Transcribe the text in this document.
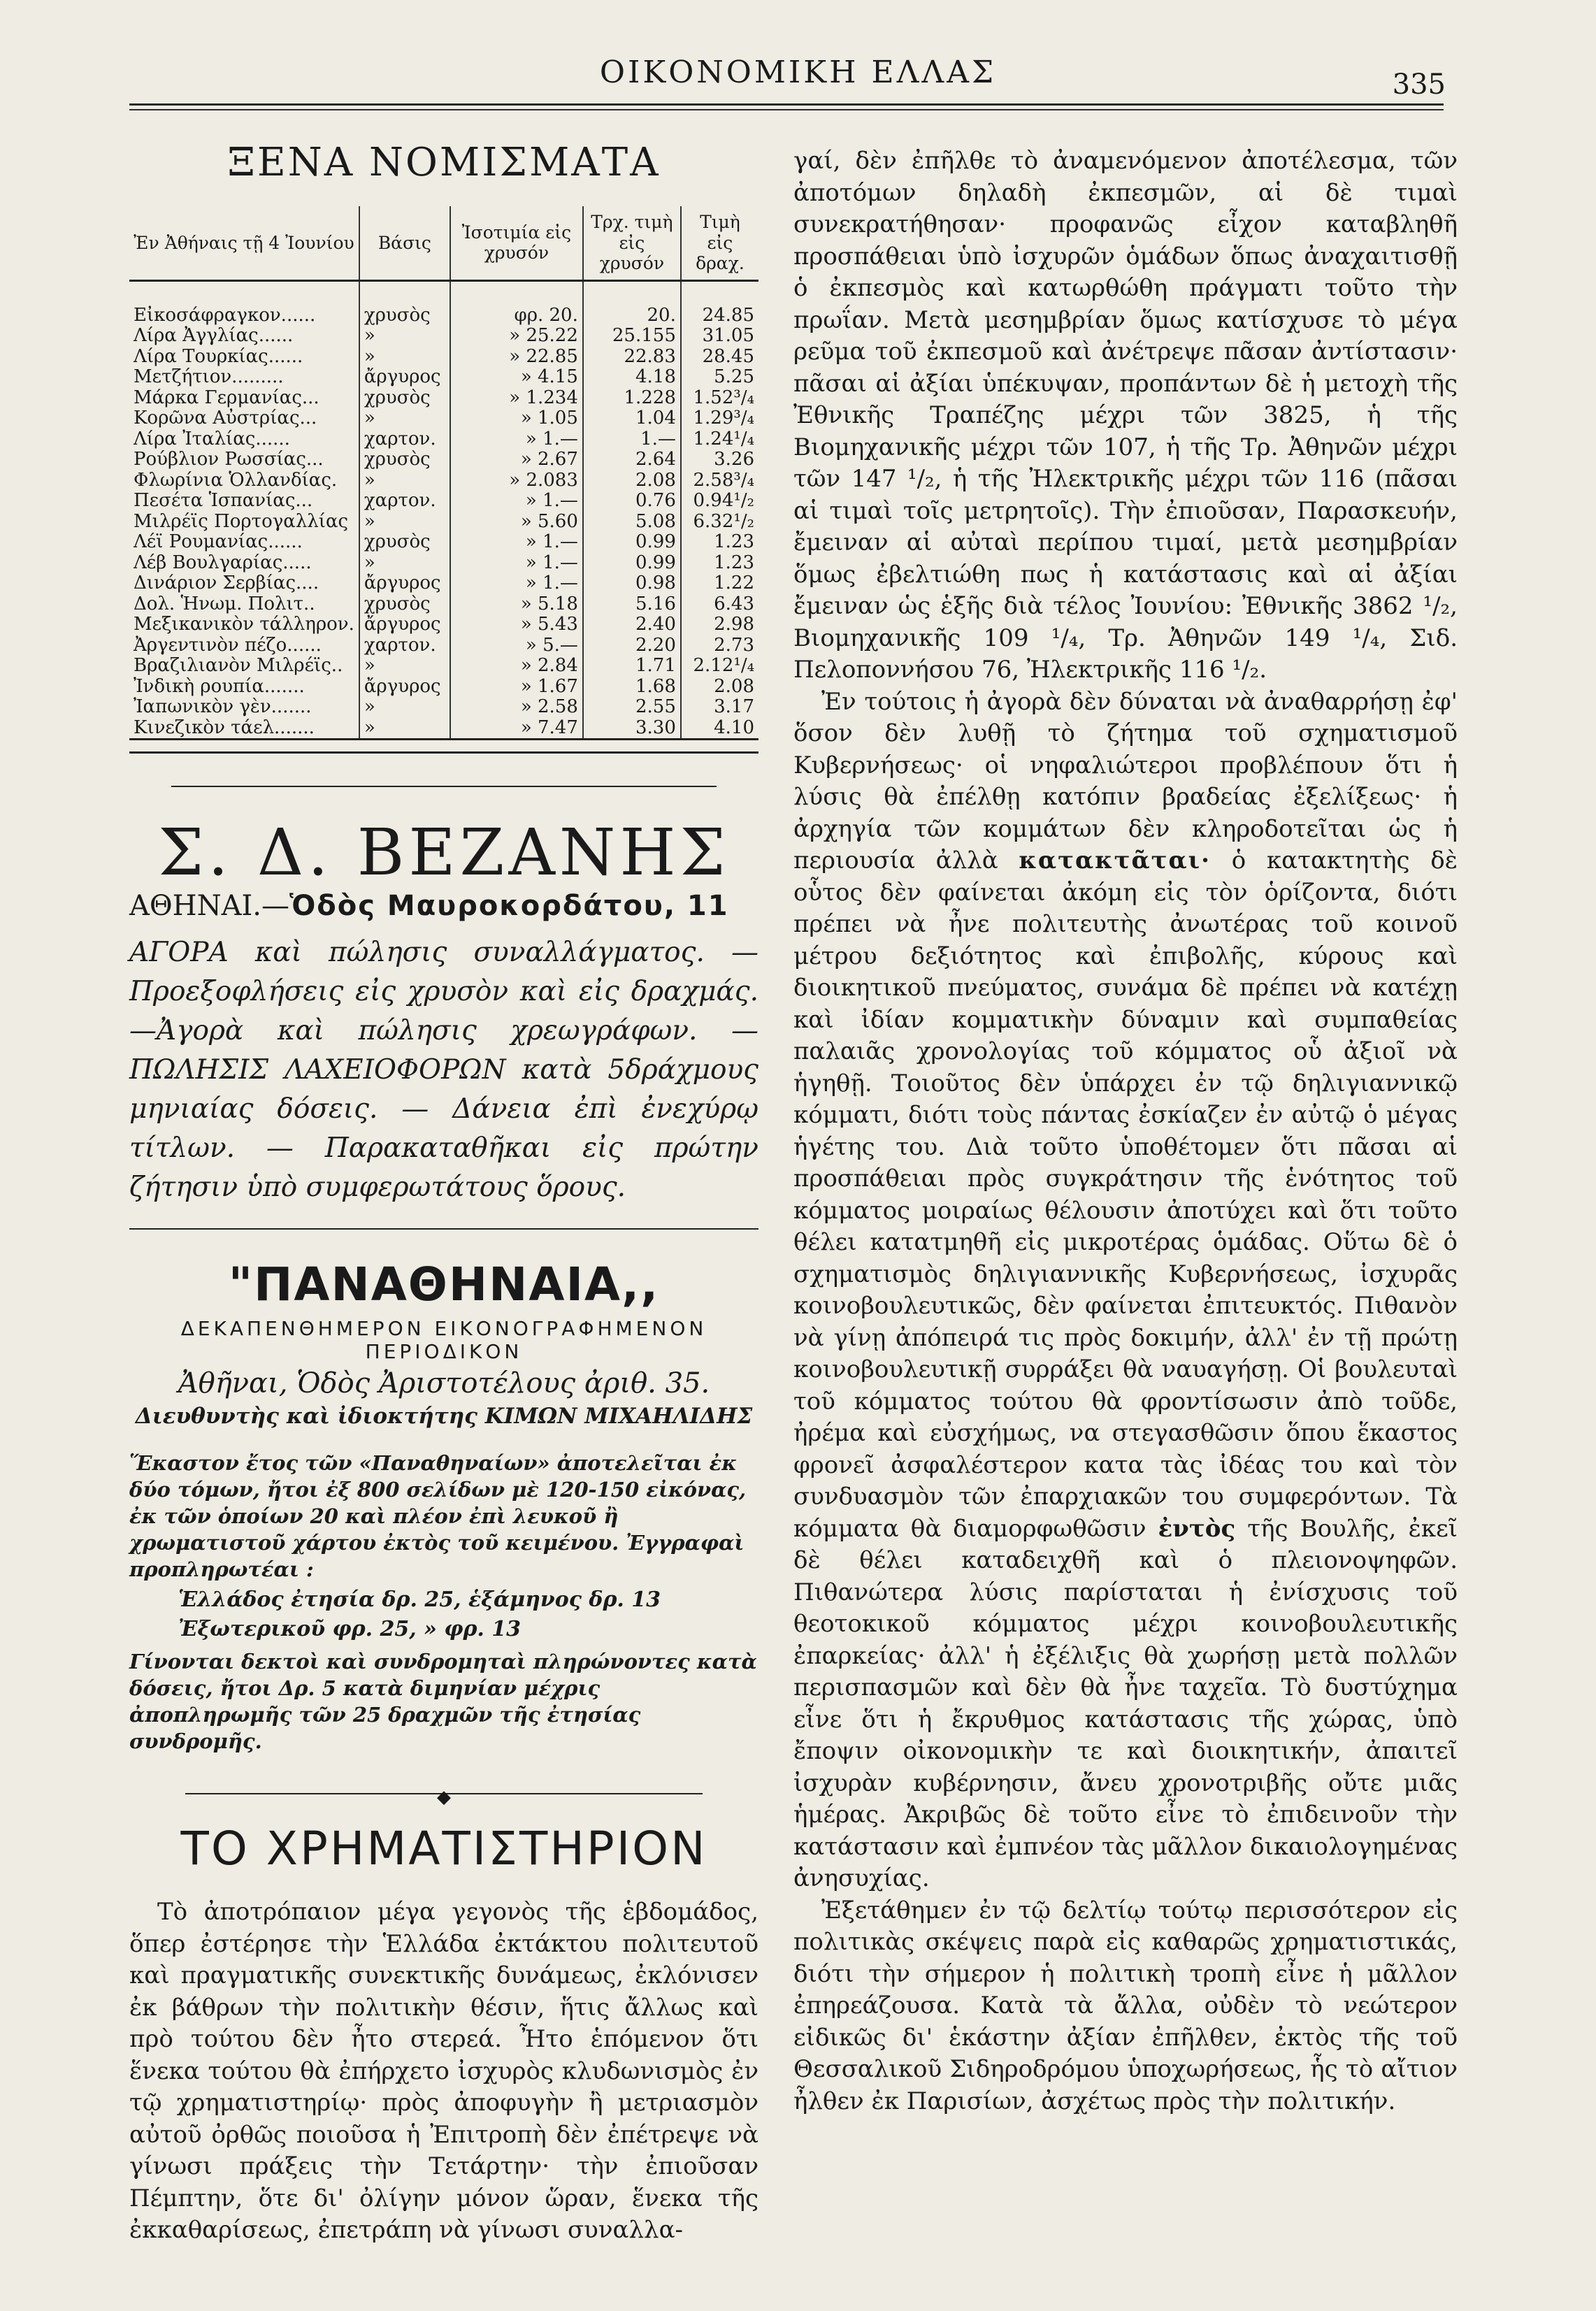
ΟΙΚΟΝΟΜΙΚΗ ΕΛΛΑΣ	335
ΞΕΝΑ ΝΟΜΙΣΜΑΤΑ
Ἐν Ἀθήναις τῇ 4 Ἰουνίου	Βάσις	Ἰσοτιμία εἰς χρυσόν	Τρχ. τιμὴ εἰς χρυσόν	Τιμὴ εἰς δραχ.

Εἰκοσάφραγκον......	χρυσὸς	φρ. 20.	20.	24.85
Λίρα Ἀγγλίας......	»	» 25.22	25.155	31.05
Λίρα Τουρκίας......	»	» 22.85	22.83	28.45
Μετζήτιον.........	ἄργυρος	» 4.15	4.18	5.25
Μάρκα Γερμανίας...	χρυσὸς	» 1.234	1.228	1.52³/₄
Κορῶνα Αὐστρίας...	»	» 1.05	1.04	1.29³/₄
Λίρα Ἰταλίας......	χαρτον.	» 1.—	1.—	1.24¹/₄
Ρούβλιον Ρωσσίας...	χρυσὸς	» 2.67	2.64	3.26
Φλωρίνια Ὁλλανδίας.	»	» 2.083	2.08	2.58³/₄
Πεσέτα Ἱσπανίας...	χαρτον.	» 1.—	0.76	0.94¹/₂
Μιλρέϊς Πορτογαλλίας	»	» 5.60	5.08	6.32¹/₂
Λέϊ Ρουμανίας......	χρυσὸς	» 1.—	0.99	1.23
Λέβ Βουλγαρίας.....	»	» 1.—	0.99	1.23
Δινάριον Σερβίας....	ἄργυρος	» 1.—	0.98	1.22
Δολ. Ἡνωμ. Πολιτ..	χρυσὸς	» 5.18	5.16	6.43
Μεξικανικὸν τάλληρον.	ἄργυρος	» 5.43	2.40	2.98
Ἀργεντινὸν πέζο......	χαρτον.	» 5.—	2.20	2.73
Βραζιλιανὸν Μιλρέϊς..	»	» 2.84	1.71	2.12¹/₄
Ἰνδικὴ ρουπία.......	ἄργυρος	» 1.67	1.68	2.08
Ἰαπωνικὸν γὲν.......	»	» 2.58	2.55	3.17
Κινεζικὸν τάελ.......	»	» 7.47	3.30	4.10

Σ. Δ. ΒΕΖΑΝΗΣ
ΑΘΗΝΑΙ.—Ὁδὸς Μαυροκορδάτου, 11
ΑΓΟΡΑ καὶ πώλησις συναλλάγματος. — Προεξοφλήσεις εἰς χρυσὸν καὶ εἰς δραχμάς.—Ἀγορὰ καὶ πώλησις χρεωγράφων. — ΠΩΛΗΣΙΣ ΛΑΧΕΙΟΦΟΡΩΝ κατὰ 5δράχμους μηνιαίας δόσεις. — Δάνεια ἐπὶ ἐνεχύρῳ τίτλων. — Παρακαταθῆκαι εἰς πρώτην ζήτησιν ὑπὸ συμφερωτάτους ὅρους.
"ΠΑΝΑΘΗΝΑΙΑ,,
ΔΕΚΑΠΕΝΘΗΜΕΡΟΝ ΕΙΚΟΝΟΓΡΑΦΗΜΕΝΟΝ ΠΕΡΙΟΔΙΚΟΝ
Ἀθῆναι, Ὁδὸς Ἀριστοτέλους ἀριθ. 35.
Διευθυντὴς καὶ ἰδιοκτήτης ΚΙΜΩΝ ΜΙΧΑΗΛΙΔΗΣ

Ἕκαστον ἔτος τῶν «Παναθηναίων» ἀποτελεῖται ἐκ δύο τόμων, ἤτοι ἐξ 800 σελίδων μὲ 120-150 εἰκόνας, ἐκ τῶν ὁποίων 20 καὶ πλέον ἐπὶ λευκοῦ ἢ χρωματιστοῦ χάρτου ἐκτὸς τοῦ κειμένου. Ἐγγραφαὶ προπληρωτέαι :

Ἑλλάδος ἐτησία δρ. 25, ἑξάμηνος δρ. 13
Ἐξωτερικοῦ φρ. 25, » φρ. 13

Γίνονται δεκτοὶ καὶ συνδρομηταὶ πληρώνοντες κατὰ δόσεις, ἤτοι Δρ. 5 κατὰ διμηνίαν μέχρις ἀποπληρωμῆς τῶν 25 δραχμῶν τῆς ἐτησίας συνδρομῆς.

◆
ΤΟ ΧΡΗΜΑΤΙΣΤΗΡΙΟΝ

Τὸ ἀποτρόπαιον μέγα γεγονὸς τῆς ἑβδομάδος, ὅπερ ἐστέρησε τὴν Ἑλλάδα ἐκτάκτου πολιτευτοῦ καὶ πραγματικῆς συνεκτικῆς δυνάμεως, ἐκλόνισεν ἐκ βάθρων τὴν πολιτικὴν θέσιν, ἥτις ἄλλως καὶ πρὸ τούτου δὲν ἦτο στερεά. Ἦτο ἑπόμενον ὅτι ἕνεκα τούτου θὰ ἐπήρχετο ἰσχυρὸς κλυδωνισμὸς ἐν τῷ χρηματιστηρίῳ· πρὸς ἀποφυγὴν ἢ μετριασμὸν αὐτοῦ ὀρθῶς ποιοῦσα ἡ Ἐπιτροπὴ δὲν ἐπέτρεψε νὰ γίνωσι πράξεις τὴν Τετάρτην· τὴν ἐπιοῦσαν Πέμπτην, ὅτε δι' ὀλίγην μόνον ὥραν, ἕνεκα τῆς ἐκκαθαρίσεως, ἐπετράπη νὰ γίνωσι συναλλα-

γαί, δὲν ἐπῆλθε τὸ ἀναμενόμενον ἀποτέλεσμα, τῶν ἀποτόμων δηλαδὴ ἐκπεσμῶν, αἱ δὲ τιμαὶ συνεκρατήθησαν· προφανῶς εἶχον καταβληθῆ προσπάθειαι ὑπὸ ἰσχυρῶν ὁμάδων ὅπως ἀναχαιτισθῇ ὁ ἐκπεσμὸς καὶ κατωρθώθη πράγματι τοῦτο τὴν πρωΐαν. Μετὰ μεσημβρίαν ὅμως κατίσχυσε τὸ μέγα ρεῦμα τοῦ ἐκπεσμοῦ καὶ ἀνέτρεψε πᾶσαν ἀντίστασιν· πᾶσαι αἱ ἀξίαι ὑπέκυψαν, προπάντων δὲ ἡ μετοχὴ τῆς Ἐθνικῆς Τραπέζης μέχρι τῶν 3825, ἡ τῆς Βιομηχανικῆς μέχρι τῶν 107, ἡ τῆς Τρ. Ἀθηνῶν μέχρι τῶν 147 ¹/₂, ἡ τῆς Ἠλεκτρικῆς μέχρι τῶν 116 (πᾶσαι αἱ τιμαὶ τοῖς μετρητοῖς). Τὴν ἐπιοῦσαν, Παρασκευήν, ἔμειναν αἱ αὐταὶ περίπου τιμαί, μετὰ μεσημβρίαν ὅμως ἐβελτιώθη πως ἡ κατάστασις καὶ αἱ ἀξίαι ἔμειναν ὡς ἑξῆς διὰ τέλος Ἰουνίου: Ἐθνικῆς 3862 ¹/₂, Βιομηχανικῆς 109 ¹/₄, Τρ. Ἀθηνῶν 149 ¹/₄, Σιδ. Πελοποννήσου 76, Ἠλεκτρικῆς 116 ¹/₂.

Ἐν τούτοις ἡ ἀγορὰ δὲν δύναται νὰ ἀναθαρρήσῃ ἐφ' ὅσον δὲν λυθῇ τὸ ζήτημα τοῦ σχηματισμοῦ Κυβερνήσεως· οἱ νηφαλιώτεροι προβλέπουν ὅτι ἡ λύσις θὰ ἐπέλθῃ κατόπιν βραδείας ἐξελίξεως· ἡ ἀρχηγία τῶν κομμάτων δὲν κληροδοτεῖται ὡς ἡ περιουσία ἀλλὰ κατακτᾶται· ὁ κατακτητὴς δὲ οὗτος δὲν φαίνεται ἀκόμη εἰς τὸν ὁρίζοντα, διότι πρέπει νὰ ἦνε πολιτευτὴς ἀνωτέρας τοῦ κοινοῦ μέτρου δεξιότητος καὶ ἐπιβολῆς, κύρους καὶ διοικητικοῦ πνεύματος, συνάμα δὲ πρέπει νὰ κατέχῃ καὶ ἰδίαν κομματικὴν δύναμιν καὶ συμπαθείας παλαιᾶς χρονολογίας τοῦ κόμματος οὗ ἀξιοῖ νὰ ἡγηθῇ. Τοιοῦτος δὲν ὑπάρχει ἐν τῷ δηλιγιαννικῷ κόμματι, διότι τοὺς πάντας ἐσκίαζεν ἐν αὐτῷ ὁ μέγας ἡγέτης του. Διὰ τοῦτο ὑποθέτομεν ὅτι πᾶσαι αἱ προσπάθειαι πρὸς συγκράτησιν τῆς ἑνότητος τοῦ κόμματος μοιραίως θέλουσιν ἀποτύχει καὶ ὅτι τοῦτο θέλει κατατμηθῆ εἰς μικροτέρας ὁμάδας. Οὕτω δὲ ὁ σχηματισμὸς δηλιγιαννικῆς Κυβερνήσεως, ἰσχυρᾶς κοινοβουλευτικῶς, δὲν φαίνεται ἐπιτευκτός. Πιθανὸν νὰ γίνῃ ἀπόπειρά τις πρὸς δοκιμήν, ἀλλ' ἐν τῇ πρώτῃ κοινοβουλευτικῇ συρράξει θὰ ναυαγήσῃ. Οἱ βουλευταὶ τοῦ κόμματος τούτου θὰ φροντίσωσιν ἀπὸ τοῦδε, ἠρέμα καὶ εὐσχήμως, να στεγασθῶσιν ὅπου ἕκαστος φρονεῖ ἀσφαλέστερον κατα τὰς ἰδέας του καὶ τὸν συνδυασμὸν τῶν ἐπαρχιακῶν του συμφερόντων. Τὰ κόμματα θὰ διαμορφωθῶσιν ἐντὸς τῆς Βουλῆς, ἐκεῖ δὲ θέλει καταδειχθῆ καὶ ὁ πλειονοψηφῶν. Πιθανώτερα λύσις παρίσταται ἡ ἐνίσχυσις τοῦ θεοτοκικοῦ κόμματος μέχρι κοινοβουλευτικῆς ἐπαρκείας· ἀλλ' ἡ ἐξέλιξις θὰ χωρήσῃ μετὰ πολλῶν περισπασμῶν καὶ δὲν θὰ ἦνε ταχεῖα. Τὸ δυστύχημα εἶνε ὅτι ἡ ἔκρυθμος κατάστασις τῆς χώρας, ὑπὸ ἔποψιν οἰκονομικὴν τε καὶ διοικητικήν, ἀπαιτεῖ ἰσχυρὰν κυβέρνησιν, ἄνευ χρονοτριβῆς οὔτε μιᾶς ἡμέρας. Ἀκριβῶς δὲ τοῦτο εἶνε τὸ ἐπιδεινοῦν τὴν κατάστασιν καὶ ἐμπνέον τὰς μᾶλλον δικαιολογημένας ἀνησυχίας.

Ἐξετάθημεν ἐν τῷ δελτίῳ τούτῳ περισσότερον εἰς πολιτικὰς σκέψεις παρὰ εἰς καθαρῶς χρηματιστικάς, διότι τὴν σήμερον ἡ πολιτικὴ τροπὴ εἶνε ἡ μᾶλλον ἐπηρεάζουσα. Κατὰ τὰ ἄλλα, οὐδὲν τὸ νεώτερον εἰδικῶς δι' ἑκάστην ἀξίαν ἐπῆλθεν, ἐκτὸς τῆς τοῦ Θεσσαλικοῦ Σιδηροδρόμου ὑποχωρήσεως, ἧς τὸ αἴτιον ἦλθεν ἐκ Παρισίων, ἀσχέτως πρὸς τὴν πολιτικήν.
